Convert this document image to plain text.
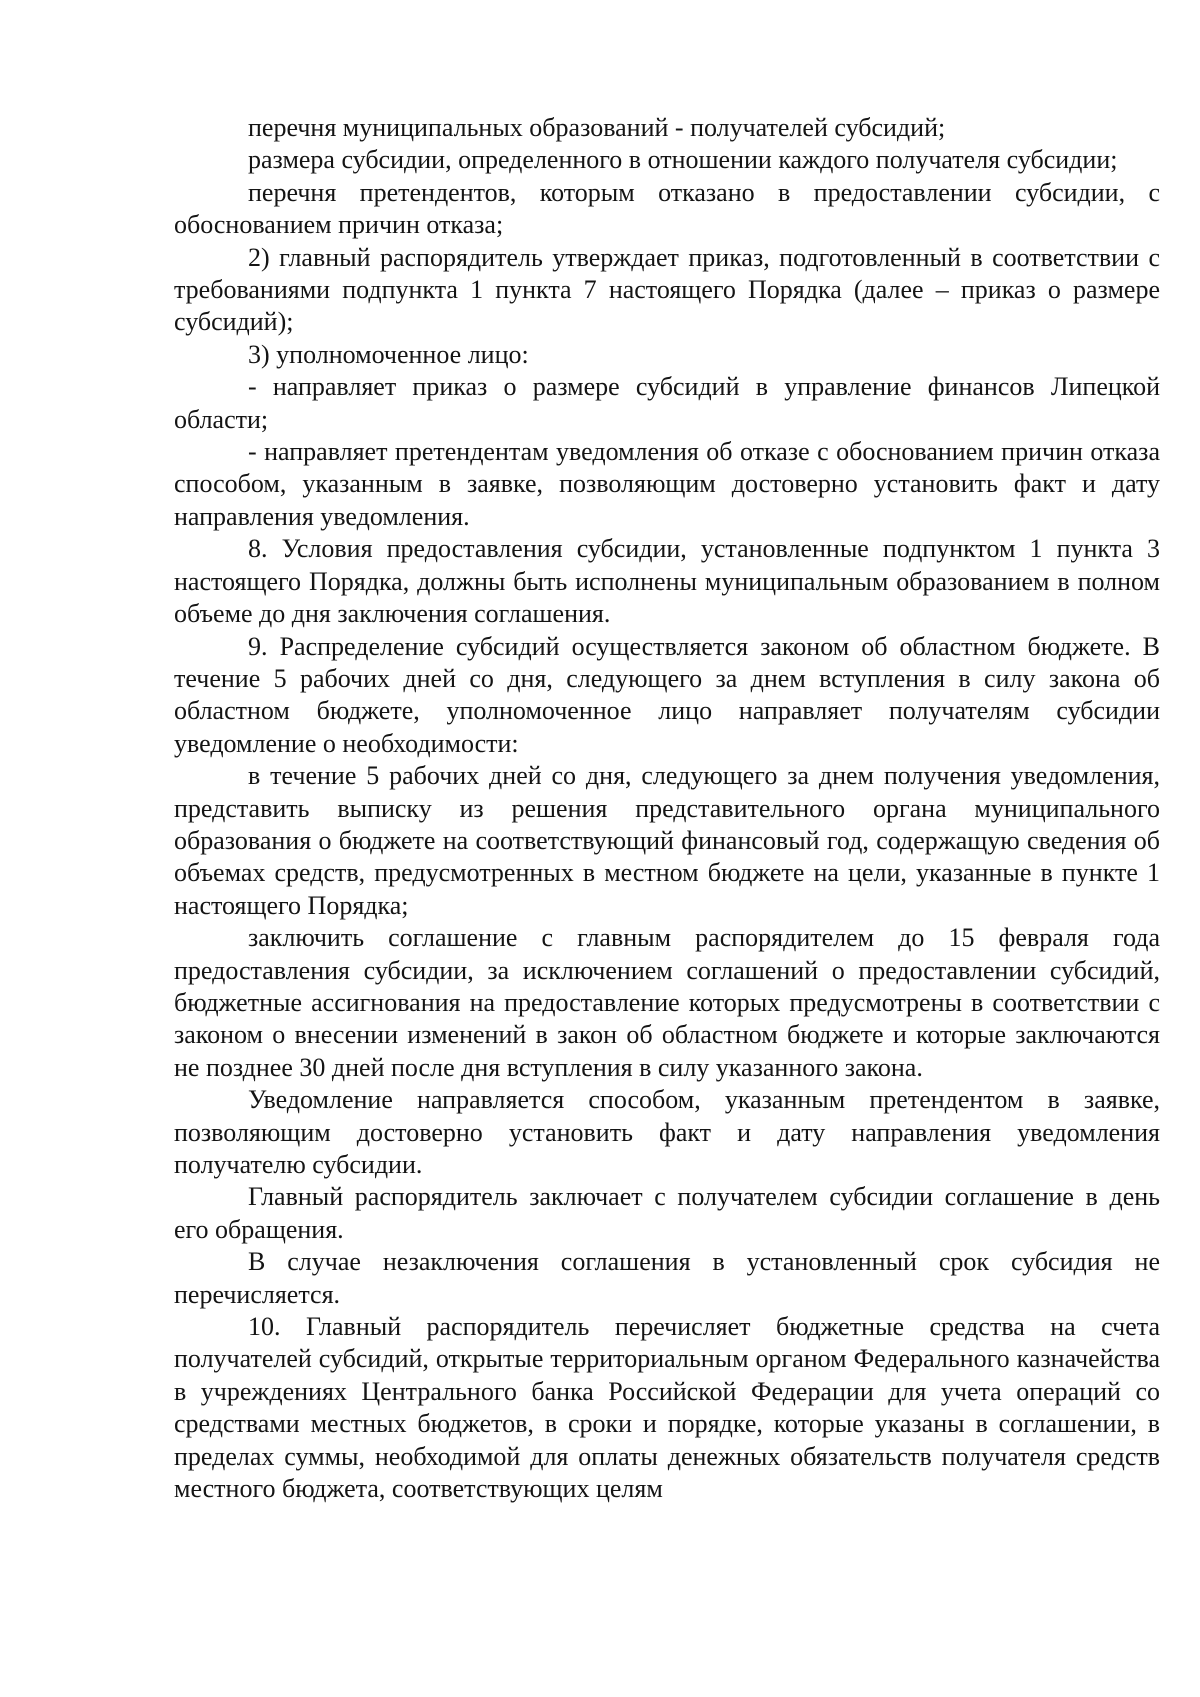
перечня муниципальных образований - получателей субсидий;

размера субсидии, определенного в отношении каждого получателя субсидии;

перечня претендентов, которым отказано в предоставлении субсидии, с обоснованием причин отказа;

2) главный распорядитель утверждает приказ, подготовленный в соответствии с требованиями подпункта 1 пункта 7 настоящего Порядка (далее – приказ о размере субсидий);

3) уполномоченное лицо:

- направляет приказ о размере субсидий в управление финансов Липецкой области;

- направляет претендентам уведомления об отказе с обоснованием причин отказа способом, указанным в заявке, позволяющим достоверно установить факт и дату направления уведомления.

8. Условия предоставления субсидии, установленные подпунктом 1 пункта 3 настоящего Порядка, должны быть исполнены муниципальным образованием в полном объеме до дня заключения соглашения.

9. Распределение субсидий осуществляется законом об областном бюджете. В течение 5 рабочих дней со дня, следующего за днем вступления в силу закона об областном бюджете, уполномоченное лицо направляет получателям субсидии уведомление о необходимости:

в течение 5 рабочих дней со дня, следующего за днем получения уведомления, представить выписку из решения представительного органа муниципального образования о бюджете на соответствующий финансовый год, содержащую сведения об объемах средств, предусмотренных в местном бюджете на цели, указанные в пункте 1 настоящего Порядка;

заключить соглашение с главным распорядителем до 15 февраля года предоставления субсидии, за исключением соглашений о предоставлении субсидий, бюджетные ассигнования на предоставление которых предусмотрены в соответствии с законом о внесении изменений в закон об областном бюджете и которые заключаются не позднее 30 дней после дня вступления в силу указанного закона.

Уведомление направляется способом, указанным претендентом в заявке, позволяющим достоверно установить факт и дату направления уведомления получателю субсидии.

Главный распорядитель заключает с получателем субсидии соглашение в день его обращения.

В случае незаключения соглашения в установленный срок субсидия не перечисляется.

10. Главный распорядитель перечисляет бюджетные средства на счета получателей субсидий, открытые территориальным органом Федерального казначейства в учреждениях Центрального банка Российской Федерации для учета операций со средствами местных бюджетов, в сроки и порядке, которые указаны в соглашении, в пределах суммы, необходимой для оплаты денежных обязательств получателя средств местного бюджета, соответствующих целям
